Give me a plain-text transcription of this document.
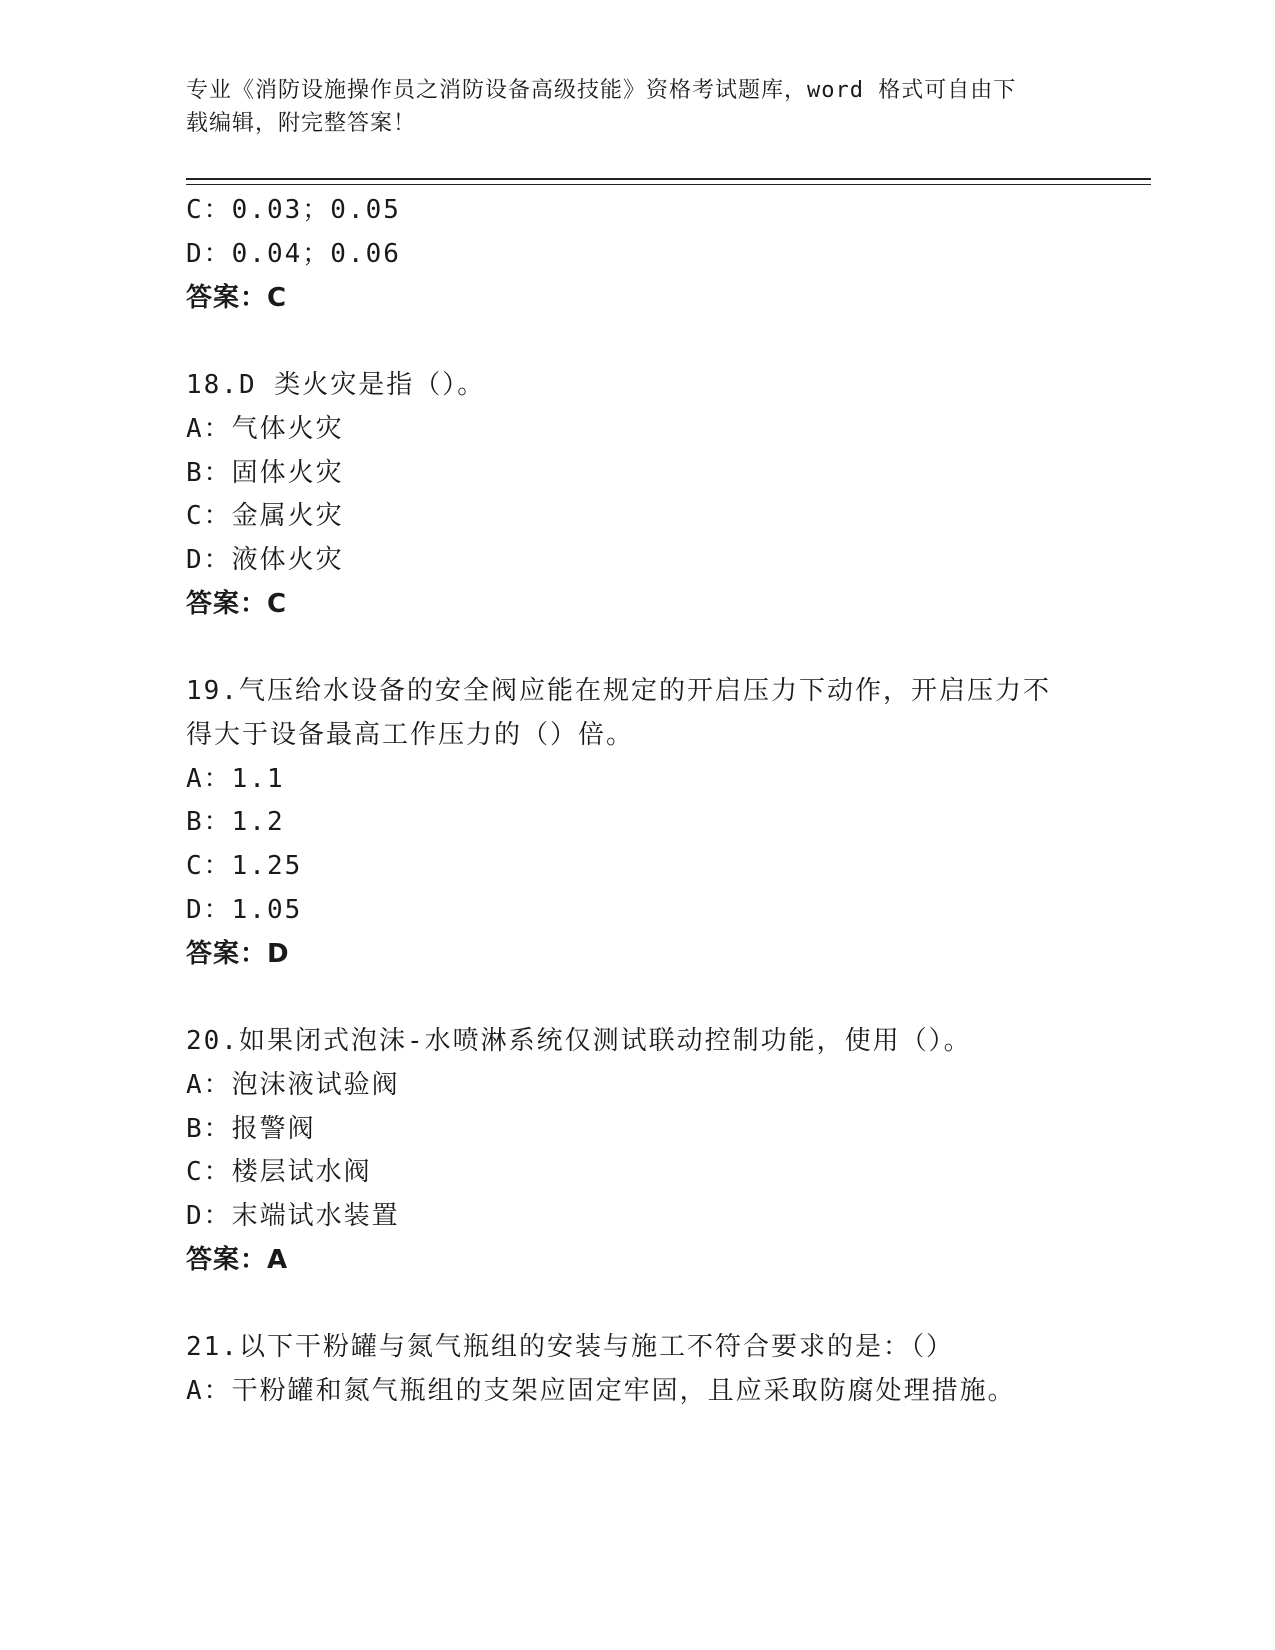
专业《消防设施操作员之消防设备高级技能》资格考试题库，word 格式可自由下
载编辑，附完整答案！
C：0.03；0.05
D：0.04；0.06
答案：C
18.D 类火灾是指（）。
A：气体火灾
B：固体火灾
C：金属火灾
D：液体火灾
答案：C
19.气压给水设备的安全阀应能在规定的开启压力下动作，开启压力不
得大于设备最高工作压力的（）倍。
A：1.1
B：1.2
C：1.25
D：1.05
答案：D
20.如果闭式泡沫-水喷淋系统仅测试联动控制功能，使用（）。
A：泡沫液试验阀
B：报警阀
C：楼层试水阀
D：末端试水装置
答案：A
21.以下干粉罐与氮气瓶组的安装与施工不符合要求的是：（）
A：干粉罐和氮气瓶组的支架应固定牢固，且应采取防腐处理措施。
